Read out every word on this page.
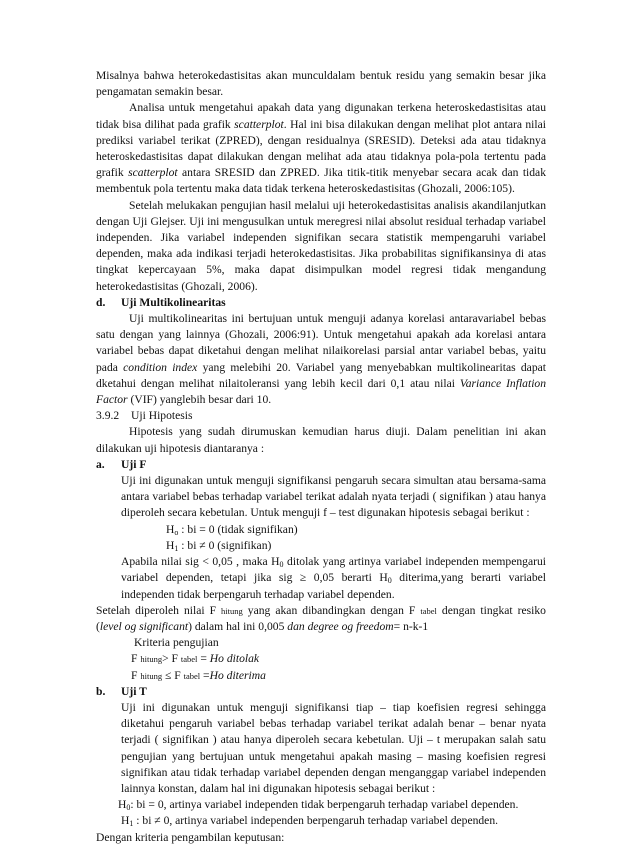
Misalnya bahwa heterokedastisitas akan munculdalam bentuk residu yang semakin besar jika pengamatan semakin besar.

Analisa untuk mengetahui apakah data yang digunakan terkena heteroskedastisitas atau tidak bisa dilihat pada grafik scatterplot. Hal ini bisa dilakukan dengan melihat plot antara nilai prediksi variabel terikat (ZPRED), dengan residualnya (SRESID). Deteksi ada atau tidaknya heteroskedastisitas dapat dilakukan dengan melihat ada atau tidaknya pola-pola tertentu pada grafik scatterplot antara SRESID dan ZPRED. Jika titik-titik menyebar secara acak dan tidak membentuk pola tertentu maka data tidak terkena heteroskedastisitas (Ghozali, 2006:105).

Setelah melukakan pengujian hasil melalui uji heterokedastisitas analisis akandilanjutkan dengan Uji Glejser. Uji ini mengusulkan untuk meregresi nilai absolut residual terhadap variabel independen. Jika variabel independen signifikan secara statistik mempengaruhi variabel dependen, maka ada indikasi terjadi heterokedastisitas. Jika probabilitas signifikansinya di atas tingkat kepercayaan 5%, maka dapat disimpulkan model regresi tidak mengandung heterokedastisitas (Ghozali, 2006).

d.	Uji Multikolinearitas

Uji multikolinearitas ini bertujuan untuk menguji adanya korelasi antaravariabel bebas satu dengan yang lainnya (Ghozali, 2006:91). Untuk mengetahui apakah ada korelasi antara variabel bebas dapat diketahui dengan melihat nilaikorelasi parsial antar variabel bebas, yaitu pada condition index yang melebihi 20. Variabel yang menyebabkan multikolinearitas dapat dketahui dengan melihat nilaitoleransi yang lebih kecil dari 0,1 atau nilai Variance Inflation Factor (VIF) yanglebih besar dari 10.

3.9.2	Uji Hipotesis

Hipotesis yang sudah dirumuskan kemudian harus diuji. Dalam penelitian ini akan dilakukan uji hipotesis diantaranya :

a.	Uji F

Uji ini digunakan untuk menguji signifikansi pengaruh secara simultan atau bersama-sama antara variabel bebas terhadap variabel terikat adalah nyata terjadi ( signifikan ) atau hanya diperoleh secara kebetulan. Untuk menguji f – test digunakan hipotesis sebagai berikut :

$H_o$ : bi = 0 (tidak signifikan)

$H_1$ : bi ≠ 0 (signifikan)

Apabila nilai sig < 0,05 , maka $H_0$ ditolak yang artinya variabel independen mempengarui variabel dependen, tetapi jika sig ≥ 0,05 berarti $H_0$ diterima,yang berarti variabel independen tidak berpengaruh terhadap variabel dependen.

Setelah diperoleh nilai F hitung yang akan dibandingkan dengan F tabel dengan tingkat resiko (level og significant) dalam hal ini 0,005 dan degree og freedom= n-k-1

Kriteria pengujian

F hitung> F tabel = Ho ditolak

F hitung ≤ F tabel =Ho diterima

b.	Uji T

Uji ini digunakan untuk menguji signifikansi tiap – tiap koefisien regresi sehingga diketahui pengaruh variabel bebas terhadap variabel terikat adalah benar – benar nyata terjadi ( signifikan ) atau hanya diperoleh secara kebetulan. Uji – t merupakan salah satu pengujian yang bertujuan untuk mengetahui apakah masing – masing koefisien regresi signifikan atau tidak terhadap variabel dependen dengan menganggap variabel independen lainnya konstan, dalam hal ini digunakan hipotesis sebagai berikut :

$H_0$: bi = 0, artinya variabel independen tidak berpengaruh terhadap variabel dependen.

$H_1$ : bi ≠ 0, artinya variabel independen berpengaruh terhadap variabel dependen.

Dengan kriteria pengambilan keputusan:
